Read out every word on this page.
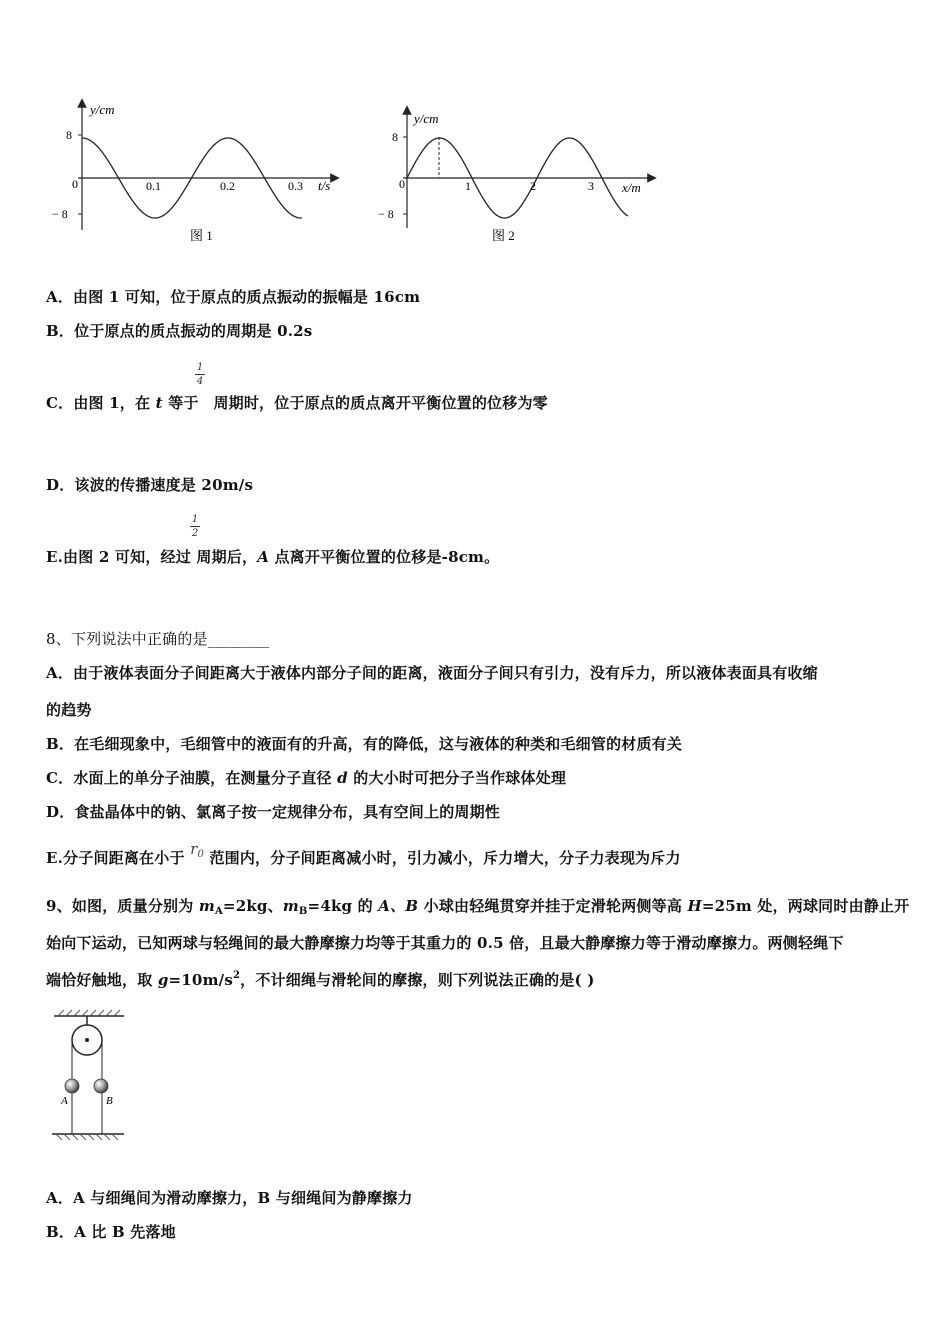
y/cm
8
− 8
0	0.1	0.2	0.3 t/s
图 1
y/cm
8
− 8
0	1	2	3 x/m
图 2
A．由图 1 可知，位于原点的质点振动的振幅是 16cm
B．位于原点的质点振动的周期是 0.2s
1
4
C．由图 1，在 t 等于  周期时，位于原点的质点离开平衡位置的位移为零
D．该波的传播速度是 20m/s
1
2
E.由图 2 可知，经过 周期后，A 点离开平衡位置的位移是-8cm。
8、下列说法中正确的是________
A．由于液体表面分子间距离大于液体内部分子间的距离，液面分子间只有引力，没有斥力，所以液体表面具有收缩
的趋势
B．在毛细现象中，毛细管中的液面有的升高，有的降低，这与液体的种类和毛细管的材质有关
C．水面上的单分子油膜，在测量分子直径 d 的大小时可把分子当作球体处理
D．食盐晶体中的钠、氯离子按一定规律分布，具有空间上的周期性
E.分子间距离在小于 $r_0$ 范围内，分子间距离减小时，引力减小，斥力增大，分子力表现为斥力
9、如图，质量分别为 $m_A=2kg$、$m_B=4kg$ 的 A、B 小球由轻绳贯穿并挂于定滑轮两侧等高 H=25m 处，两球同时由静止开
始向下运动，已知两球与轻绳间的最大静摩擦力均等于其重力的 0.5 倍，且最大静摩擦力等于滑动摩擦力。两侧轻绳下
端恰好触地，取 $g=10m/s^2$，不计细绳与滑轮间的摩擦，则下列说法正确的是( )
A	B
A．A 与细绳间为滑动摩擦力，B 与细绳间为静摩擦力
B．A 比 B 先落地
